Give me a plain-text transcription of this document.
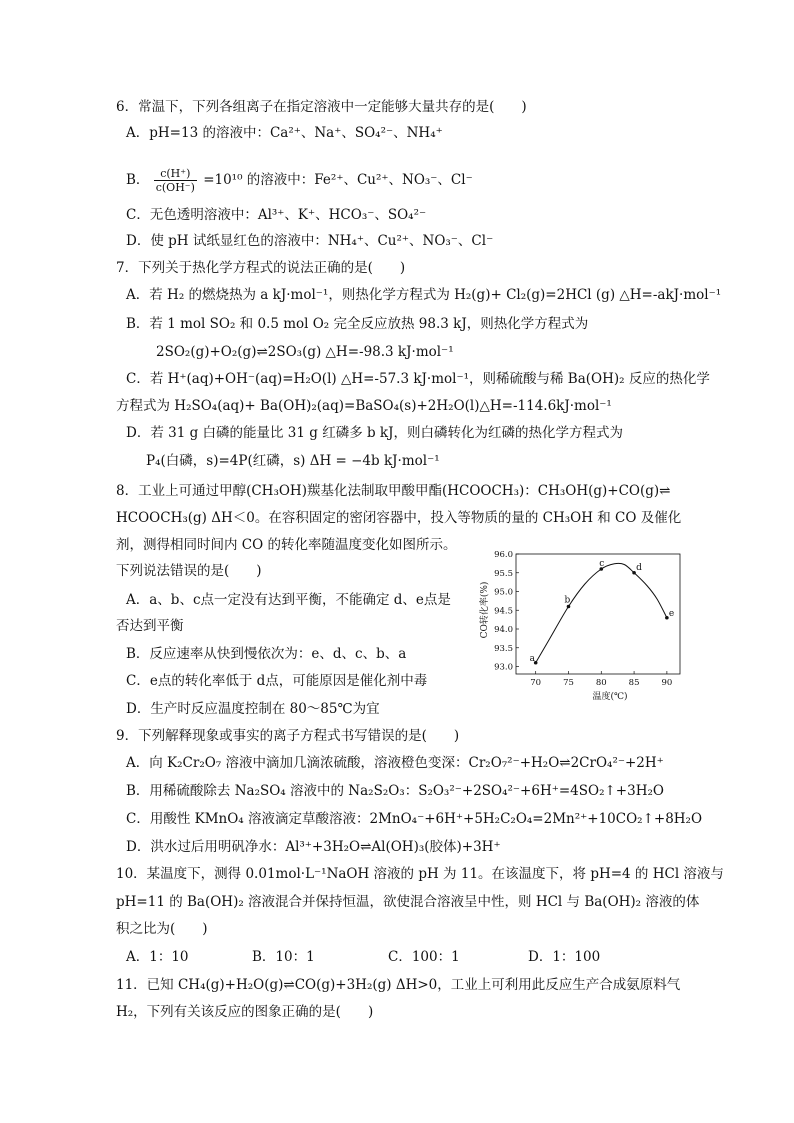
6．常温下，下列各组离子在指定溶液中一定能够大量共存的是(　　)
A．pH=13 的溶液中：Ca²⁺、Na⁺、SO₄²⁻、NH₄⁺
B． $\frac{c(H^+)}{c(OH^-)} =10^{10}$ 的溶液中：Fe²⁺、Cu²⁺、NO₃⁻、Cl⁻
C．无色透明溶液中：Al³⁺、K⁺、HCO₃⁻、SO₄²⁻
D．使 pH 试纸显红色的溶液中：NH₄⁺、Cu²⁺、NO₃⁻、Cl⁻
7．下列关于热化学方程式的说法正确的是(　　)
A．若 H₂ 的燃烧热为 a kJ·mol⁻¹，则热化学方程式为 H₂(g)+ Cl₂(g)=2HCl (g) △H=-akJ·mol⁻¹
B．若 1 mol SO₂ 和 0.5 mol O₂ 完全反应放热 98.3 kJ，则热化学方程式为
2SO₂(g)+O₂(g)⇌2SO₃(g) △H=-98.3 kJ·mol⁻¹
C．若 H⁺(aq)+OH⁻(aq)=H₂O(l) △H=-57.3 kJ·mol⁻¹，则稀硫酸与稀 Ba(OH)₂ 反应的热化学
方程式为 H₂SO₄(aq)+ Ba(OH)₂(aq)=BaSO₄(s)+2H₂O(l)△H=-114.6kJ·mol⁻¹
D．若 31 g 白磷的能量比 31 g 红磷多 b kJ，则白磷转化为红磷的热化学方程式为
P₄(白磷，s)=4P(红磷，s) ΔH = −4b kJ·mol⁻¹
8．工业上可通过甲醇(CH₃OH)羰基化法制取甲酸甲酯(HCOOCH₃)：CH₃OH(g)+CO(g)⇌
HCOOCH₃(g) ΔH＜0。在容积固定的密闭容器中，投入等物质的量的 CH₃OH 和 CO 及催化
剂，测得相同时间内 CO 的转化率随温度变化如图所示。
下列说法错误的是(　　)
A．a、b、c点一定没有达到平衡，不能确定 d、e点是
否达到平衡
B．反应速率从快到慢依次为：e、d、c、b、a
C．e点的转化率低于 d点，可能原因是催化剂中毒
D．生产时反应温度控制在 80～85℃为宜
70	75	80	85	90
93.0
93.5
94.0
94.5
95.0
95.5
96.0
a
b
c	d
e
温度(℃)
CO转化率(%)
9．下列解释现象或事实的离子方程式书写错误的是(　　)
A．向 K₂Cr₂O₇ 溶液中滴加几滴浓硫酸，溶液橙色变深：Cr₂O₇²⁻+H₂O⇌2CrO₄²⁻+2H⁺
B．用稀硫酸除去 Na₂SO₄ 溶液中的 Na₂S₂O₃：S₂O₃²⁻+2SO₄²⁻+6H⁺=4SO₂↑+3H₂O
C．用酸性 KMnO₄ 溶液滴定草酸溶液：2MnO₄⁻+6H⁺+5H₂C₂O₄=2Mn²⁺+10CO₂↑+8H₂O
D．洪水过后用明矾净水：Al³⁺+3H₂O⇌Al(OH)₃(胶体)+3H⁺
10．某温度下，测得 0.01mol·L⁻¹NaOH 溶液的 pH 为 11。在该温度下，将 pH=4 的 HCl 溶液与
pH=11 的 Ba(OH)₂ 溶液混合并保持恒温，欲使混合溶液呈中性，则 HCl 与 Ba(OH)₂ 溶液的体
积之比为(　　)
A．1：10	B．10：1	C．100：1	D．1：100
11．已知 CH₄(g)+H₂O(g)⇌CO(g)+3H₂(g) ΔH>0，工业上可利用此反应生产合成氨原料气
H₂，下列有关该反应的图象正确的是(　　)
